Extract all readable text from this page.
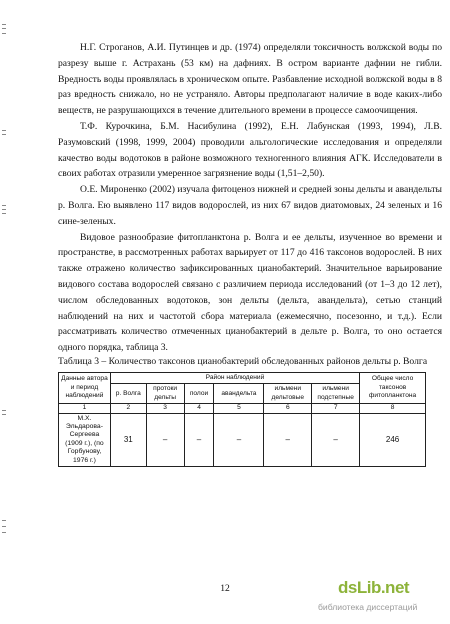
Н.Г. Строганов, А.И. Путинцев и др. (1974) определяли токсичность волжской воды по разрезу выше г. Астрахань (53 км) на дафниях. В остром варианте дафнии не гибли. Вредность воды проявлялась в хроническом опыте. Разбавление исходной волжской воды в 8 раз вредность снижало, но не устраняло. Авторы предполагают наличие в воде каких-либо веществ, не разрушающихся в течение длительного времени в процессе самоочищения.

Т.Ф. Курочкина, Б.М. Насибулина (1992), Е.Н. Лабунская (1993, 1994), Л.В. Разумовский (1998, 1999, 2004) проводили альгологические исследования и определяли качество воды водотоков в районе возможного техногенного влияния АГК. Исследователи в своих работах отразили умеренное загрязнение воды (1,51–2,50).

О.Е. Мироненко (2002) изучала фитоценоз нижней и средней зоны дельты и авандельты р. Волга. Ею выявлено 117 видов водорослей, из них 67 видов диатомовых, 24 зеленых и 16 сине-зеленых.

Видовое разнообразие фитопланктона р. Волга и ее дельты, изученное во времени и пространстве, в рассмотренных работах варьирует от 117 до 416 таксонов водорослей. В них также отражено количество зафиксированных цианобактерий. Значительное варьирование видового состава водорослей связано с различием периода исследований (от 1–3 до 12 лет), числом обследованных водотоков, зон дельты (дельта, авандельта), сетью станций наблюдений на них и частотой сбора материала (ежемесячно, посезонно, и т.д.). Если рассматривать количество отмеченных цианобактерий в дельте р. Волга, то оно остается одного порядка, таблица 3.

Таблица 3 – Количество таксонов цианобактерий обследованных районов дельты р. Волга

Данные автора и период наблюдений	Район наблюдений						Общее число таксонов фитопланктона
	р. Волга	протоки дельты	полои	авандельта	ильмени дельтовые	ильмени подстепные	
1	2	3	4	5	6	7	8
М.Х. Эльдарова-Сергеева (1909 г.), (по Горбунову, 1976 г.)	31	–	–	–	–	–	246
12	dsLib.net
библиотека диссертаций
